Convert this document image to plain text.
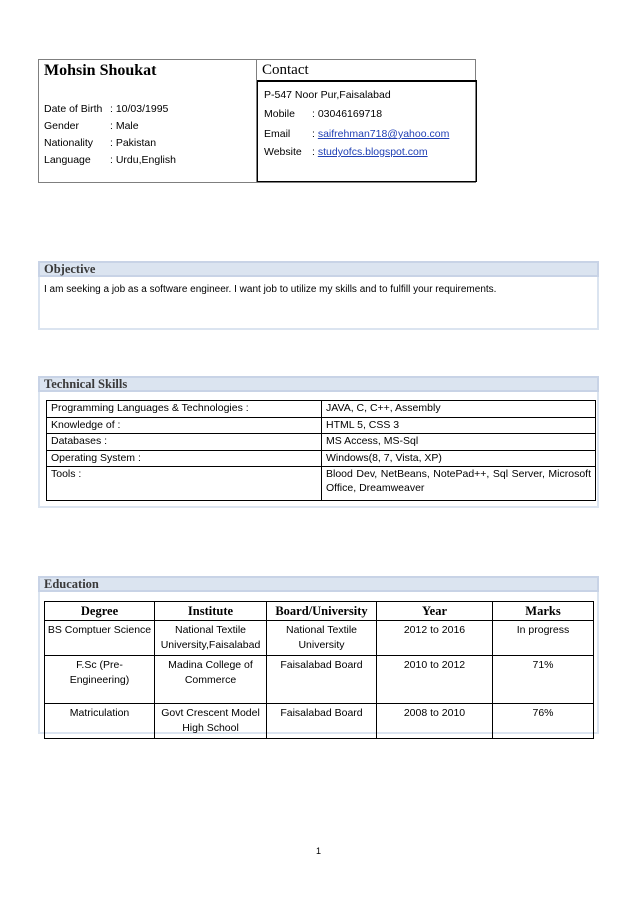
Mohsin Shoukat
Date of Birth : 10/03/1995
Gender	: Male
Nationality : Pakistan
Language : Urdu,English
Contact
P-547 Noor Pur,Faisalabad
Mobile : 03046169718
Email : saifrehman718@yahoo.com
Website : studyofcs.blogspot.com
Objective
I am seeking a job as a software engineer. I want job to utilize my skills and to fulfill your requirements.
Technical Skills
Programming Languages & Technologies :	JAVA, C, C++, Assembly
Knowledge of :	HTML 5, CSS 3
Databases :	MS Access, MS-Sql
Operating System :	Windows(8, 7, Vista, XP)
Tools :	Blood Dev, NetBeans, NotePad++, Sql Server, Microsoft Office, Dreamweaver
Education
Degree	Institute	Board/University	Year	Marks
BS Comptuer Science	National Textile University,Faisalabad	National Textile University	2012 to 2016	In progress
F.Sc (Pre-Engineering)	Madina College of Commerce	Faisalabad Board	2010 to 2012	71%
Matriculation	Govt Crescent Model High School	Faisalabad Board	2008 to 2010	76%
1
